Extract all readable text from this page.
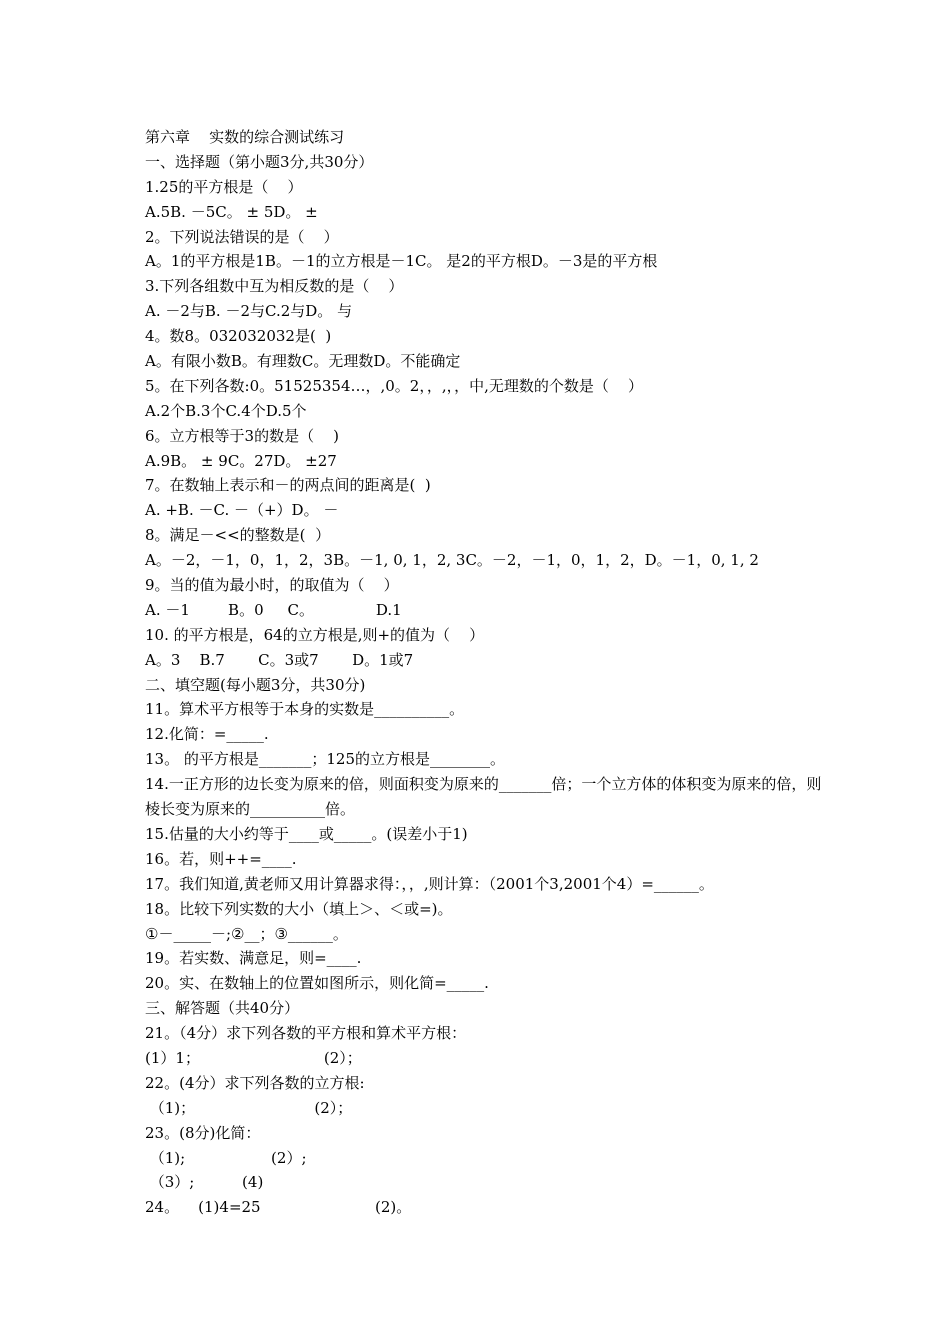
第六章    实数的综合测试练习
一、选择题（第小题3分,共30分）
1.25的平方根是（    ）
A.5B. －5C。 ± 5D。 ±
2。下列说法错误的是（    ）
A。1的平方根是1B。－1的立方根是－1C。 是2的平方根D。－3是的平方根
3.下列各组数中互为相反数的是（    ）
A. －2与B. －2与C.2与D。 与
4。数8。032032032是(  )
A。有限小数B。有理数C。无理数D。不能确定
5。在下列各数:0。51525354…，,0。2，，,，，中,无理数的个数是（    ）
A.2个B.3个C.4个D.5个
6。立方根等于3的数是（    )
A.9B。 ± 9C。27D。 ±27
7。在数轴上表示和－的两点间的距离是(  )
A. +B. －C. －（+）D。 －
8。满足－<<的整数是(  ）
A。－2，－1，0，1，2，3B。－1, 0, 1，2, 3C。－2，－1，0，1，2，D。－1，0, 1, 2
9。当的值为最小时，的取值为（    ）
A. －1        B。0     C。             D.1
10. 的平方根是，64的立方根是,则+的值为（    ）
A。3    B.7       C。3或7       D。1或7
二、填空题(每小题3分，共30分)
11。算术平方根等于本身的实数是__________。
12.化简：=_____.
13。 的平方根是_______；125的立方根是________。
14.一正方形的边长变为原来的倍，则面积变为原来的_______倍；一个立方体的体积变为原来的倍，则棱长变为原来的__________倍。
15.估量的大小约等于____或_____。(误差小于1)
16。若，则++=____.
17。我们知道,黄老师又用计算器求得：，，,则计算：（2001个3,2001个4）=______。
18。比较下列实数的大小（填上＞、＜或=)。
①－_____－;②__；③______。
19。若实数、满意足，则=____.
20。实、在数轴上的位置如图所示，则化简=_____.
三、解答题（共40分）
21。（4分）求下列各数的平方根和算术平方根：
(1）1；                          (2）；
22。(4分）求下列各数的立方根:
（1)；                         (2）；
23。(8分)化简：
（1);                  (2）;
（3）;          (4)
24。    (1)4=25                        (2)。
